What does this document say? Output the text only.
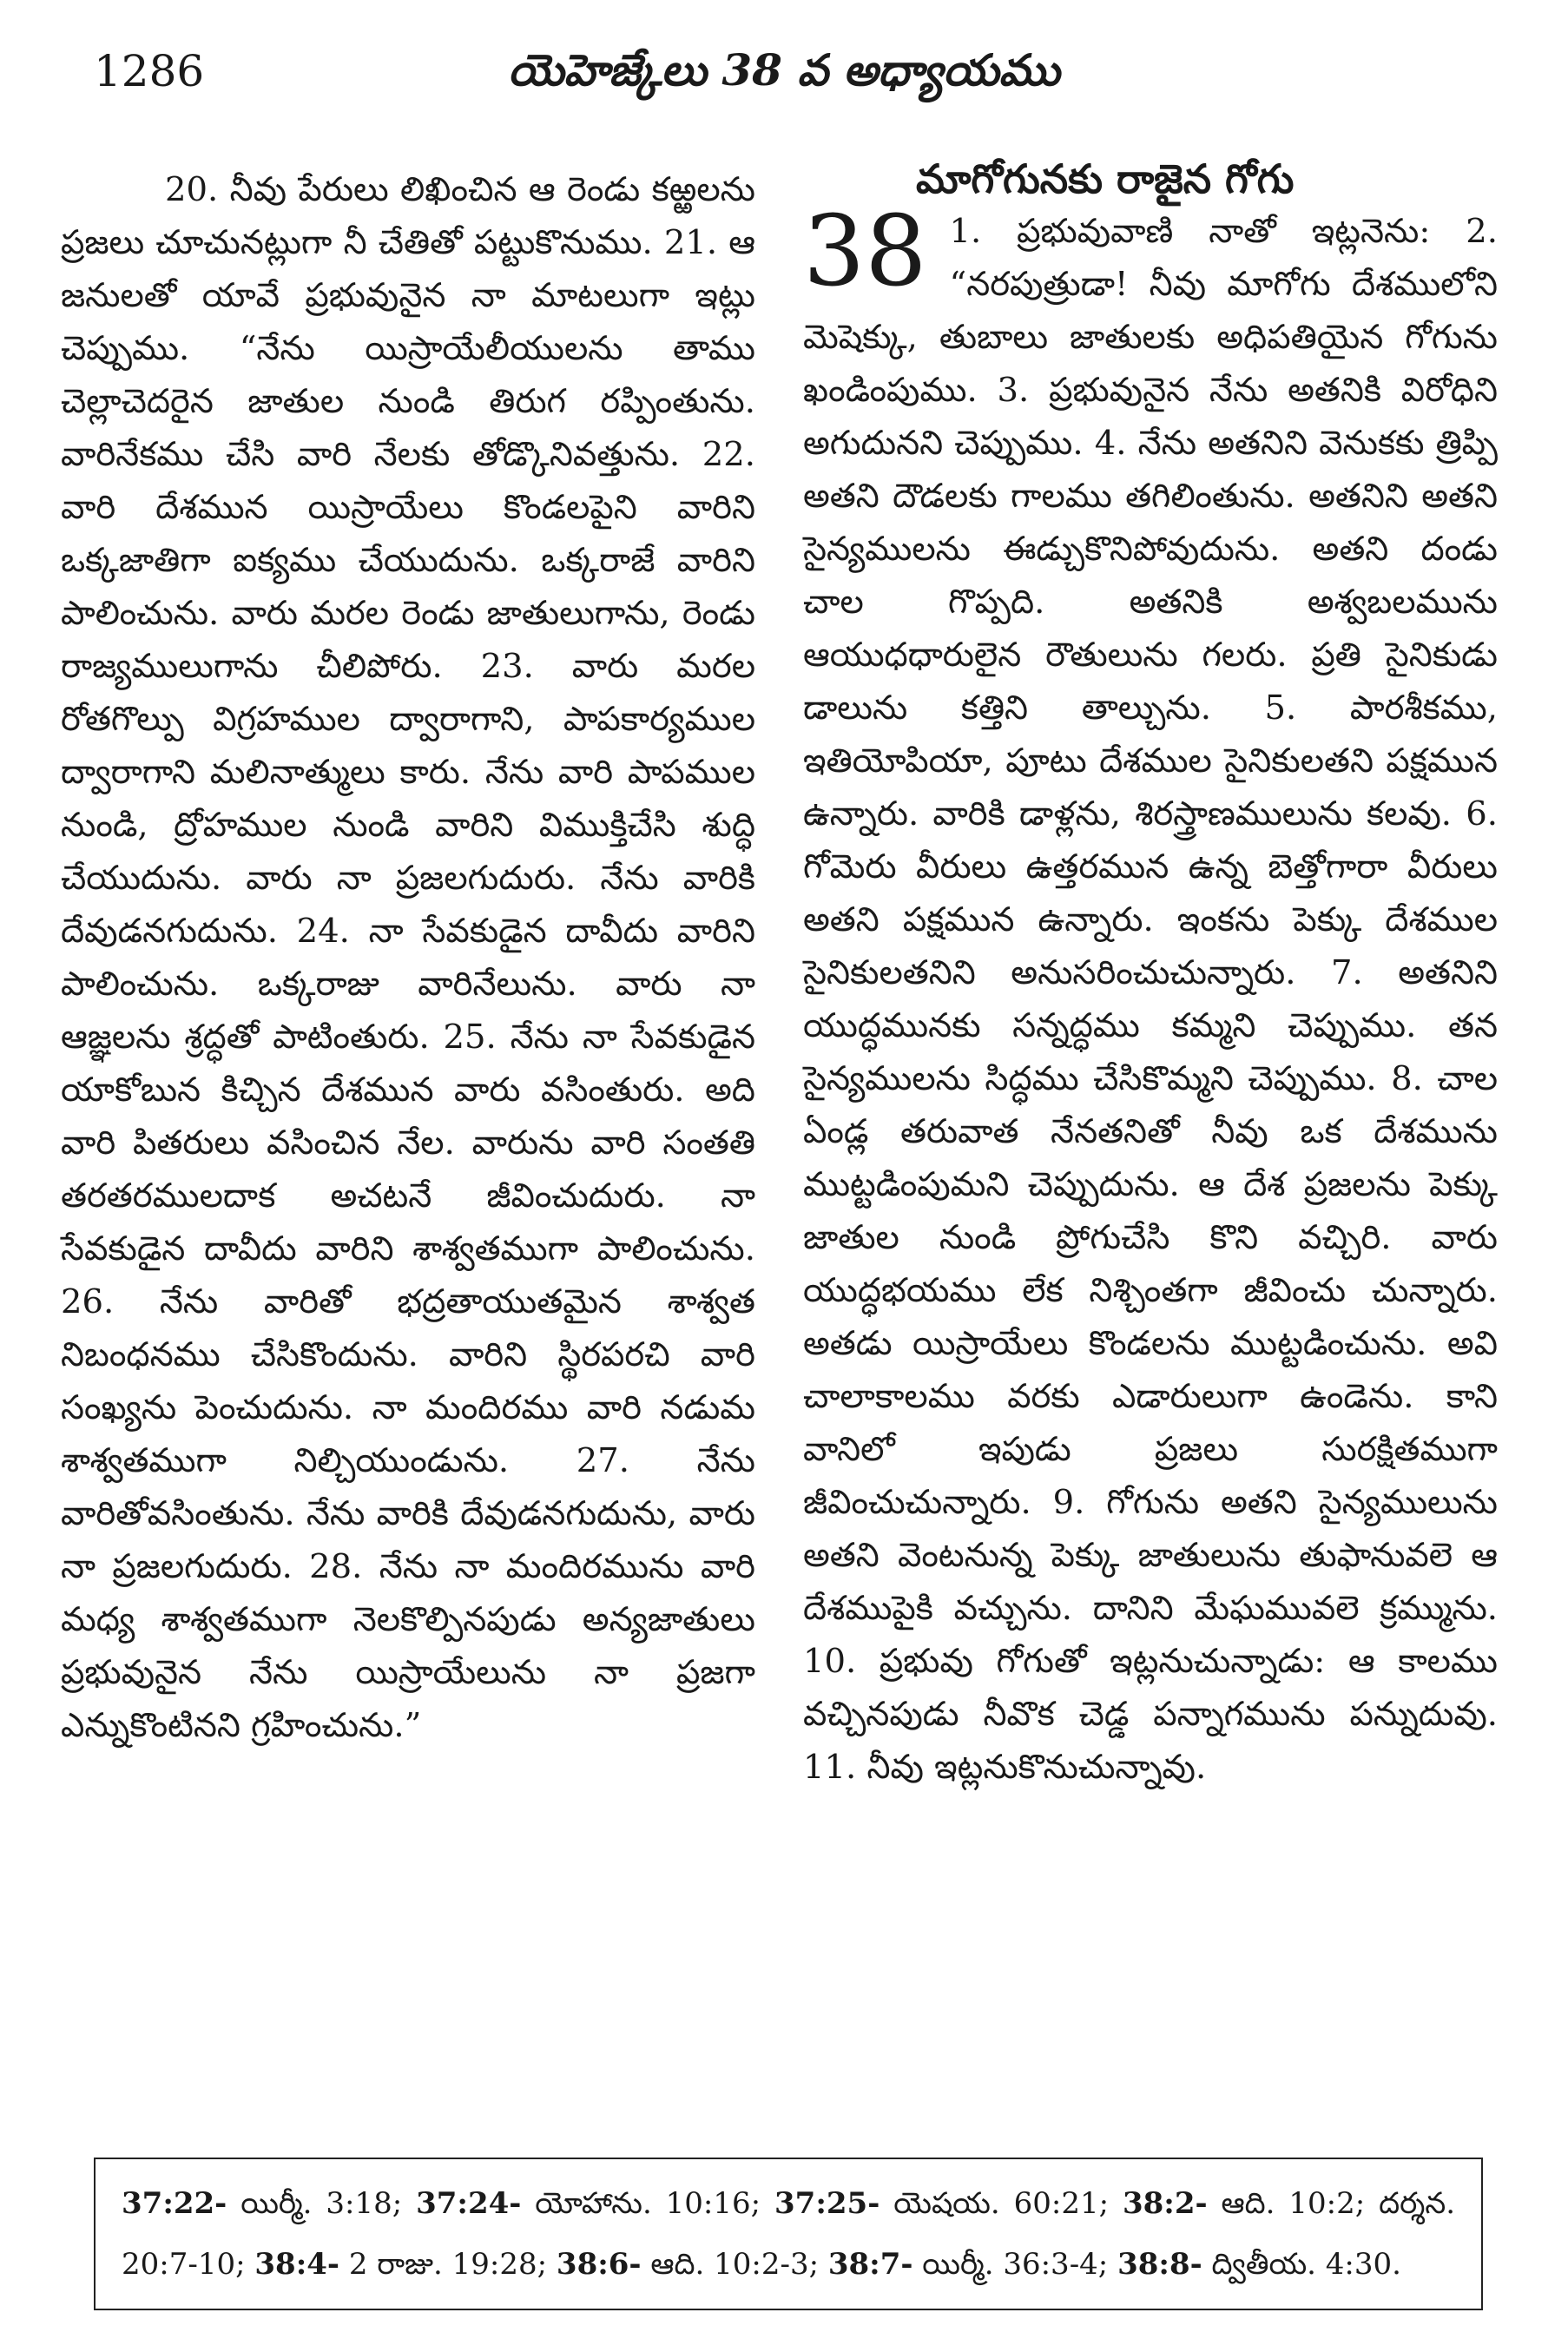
1286	యెహెజ్కేలు 38 వ అధ్యాయము

20. నీవు పేరులు లిఖించిన ఆ రెండు కఱ్ఱలను ప్రజలు చూచునట్లుగా నీ చేతితో పట్టుకొనుము. 21. ఆ జనులతో యావే ప్రభువునైన నా మాటలుగా ఇట్లు చెప్పుము. “నేను యిస్రాయేలీయులను తాము చెల్లాచెదరైన జాతుల నుండి తిరుగ రప్పింతును. వారినేకము చేసి వారి నేలకు తోడ్కొనివత్తును. 22. వారి దేశమున యిస్రాయేలు కొండలపైని వారిని ఒక్కజాతిగా ఐక్యము చేయుదును. ఒక్కరాజే వారిని పాలించును. వారు మరల రెండు జాతులుగాను, రెండు రాజ్యములుగాను చీలిపోరు. 23. వారు మరల రోతగొల్పు విగ్రహముల ద్వారాగాని, పాపకార్యముల ద్వారాగాని మలినాత్ములు కారు. నేను వారి పాపముల నుండి, ద్రోహముల నుండి వారిని విముక్తిచేసి శుద్ధి చేయుదును. వారు నా ప్రజలగుదురు. నేను వారికి దేవుడనగుదును. 24. నా సేవకుడైన దావీదు వారిని పాలించును. ఒక్కరాజు వారినేలును. వారు నా ఆజ్ఞలను శ్రద్ధతో పాటింతురు. 25. నేను నా సేవకుడైన యాకోబున కిచ్చిన దేశమున వారు వసింతురు. అది వారి పితరులు వసించిన నేల. వారును వారి సంతతి తరతరములదాక అచటనే జీవించుదురు. నా సేవకుడైన దావీదు వారిని శాశ్వతముగా పాలించును. 26. నేను వారితో భద్రతాయుతమైన శాశ్వత నిబంధనము చేసికొందును. వారిని స్థిరపరచి వారి సంఖ్యను పెంచుదును. నా మందిరము వారి నడుమ శాశ్వతముగా నిల్చియుండును. 27. నేను వారితోవసింతును. నేను వారికి దేవుడనగుదును, వారు నా ప్రజలగుదురు. 28. నేను నా మందిరమును వారి మధ్య శాశ్వతముగా నెలకొల్పినపుడు అన్యజాతులు ప్రభువునైన నేను యిస్రాయేలును నా ప్రజగా ఎన్నుకొంటినని గ్రహించును.”

మాగోగునకు రాజైన గోగు
38 1. ప్రభువువాణి నాతో ఇట్లనెను: 2. “నరపుత్రుడా! నీవు మాగోగు దేశములోని మెషెక్కు, తుబాలు జాతులకు అధిపతియైన గోగును ఖండింపుము. 3. ప్రభువునైన నేను అతనికి విరోధిని అగుదునని చెప్పుము. 4. నేను అతనిని వెనుకకు త్రిప్పి అతని దౌడలకు గాలము తగిలింతును. అతనిని అతని సైన్యములను ఈడ్చుకొనిపోవుదును. అతని దండు చాల గొప్పది. అతనికి అశ్వబలమును ఆయుధధారులైన రౌతులును గలరు. ప్రతి సైనికుడు డాలును కత్తిని తాల్చును. 5. పారశీకము, ఇతియోపియా, పూటు దేశముల సైనికులతని పక్షమున ఉన్నారు. వారికి డాళ్లను, శిరస్త్రాణములును కలవు. 6. గోమెరు వీరులు ఉత్తరమున ఉన్న బెత్తోగారా వీరులు అతని పక్షమున ఉన్నారు. ఇంకను పెక్కు దేశముల సైనికులతనిని అనుసరించుచున్నారు. 7. అతనిని యుద్ధమునకు సన్నద్ధము కమ్మని చెప్పుము. తన సైన్యములను సిద్ధము చేసికొమ్మని చెప్పుము. 8. చాల ఏండ్ల తరువాత నేనతనితో నీవు ఒక దేశమును ముట్టడింపుమని చెప్పుదును. ఆ దేశ ప్రజలను పెక్కు జాతుల నుండి ప్రోగుచేసి కొని వచ్చిరి. వారు యుద్ధభయము లేక నిశ్చింతగా జీవించు చున్నారు. అతడు యిస్రాయేలు కొండలను ముట్టడించును. అవి చాలాకాలము వరకు ఎడారులుగా ఉండెను. కాని వానిలో ఇపుడు ప్రజలు సురక్షితముగా జీవించుచున్నారు. 9. గోగును అతని సైన్యములును అతని వెంటనున్న పెక్కు జాతులును తుఫానువలె ఆ దేశముపైకి వచ్చును. దానిని మేఘమువలె క్రమ్మును. 10. ప్రభువు గోగుతో ఇట్లనుచున్నాడు: ఆ కాలము వచ్చినపుడు నీవొక చెడ్డ పన్నాగమును పన్నుదువు. 11. నీవు ఇట్లనుకొనుచున్నావు.

37:22- యిర్మీ. 3:18; 37:24- యోహాను. 10:16; 37:25- యెషయ. 60:21; 38:2- ఆది. 10:2; దర్శన. 20:7-10; 38:4- 2 రాజు. 19:28; 38:6- ఆది. 10:2-3; 38:7- యిర్మీ. 36:3-4; 38:8- ద్వితీయ. 4:30.
